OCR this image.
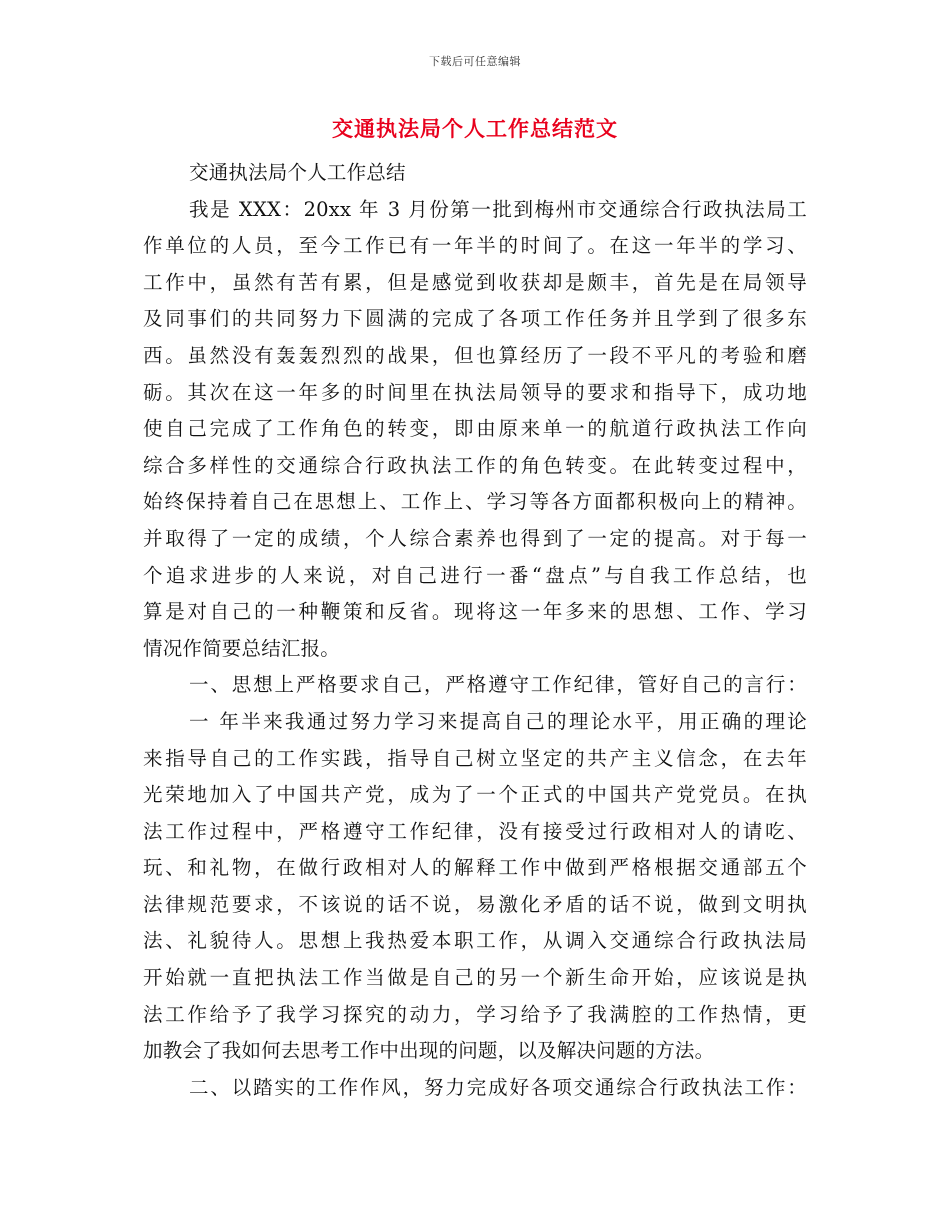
下载后可任意编辑
交通执法局个人工作总结范文
交通执法局个人工作总结
我是 XXX：20xx 年 3 月份第一批到梅州市交通综合行政执法局工
作单位的人员，至今工作已有一年半的时间了。在这一年半的学习、
工作中，虽然有苦有累，但是感觉到收获却是颇丰，首先是在局领导
及同事们的共同努力下圆满的完成了各项工作任务并且学到了很多东
西。虽然没有轰轰烈烈的战果，但也算经历了一段不平凡的考验和磨
砺。其次在这一年多的时间里在执法局领导的要求和指导下，成功地
使自己完成了工作角色的转变，即由原来单一的航道行政执法工作向
综合多样性的交通综合行政执法工作的角色转变。在此转变过程中，
始终保持着自己在思想上、工作上、学习等各方面都积极向上的精神。
并取得了一定的成绩，个人综合素养也得到了一定的提高。对于每一
个追求进步的人来说，对自己进行一番“盘点”与自我工作总结，也
算是对自己的一种鞭策和反省。现将这一年多来的思想、工作、学习
情况作简要总结汇报。
一、思想上严格要求自己，严格遵守工作纪律，管好自己的言行：
一 年半来我通过努力学习来提高自己的理论水平，用正确的理论
来指导自己的工作实践，指导自己树立坚定的共产主义信念，在去年
光荣地加入了中国共产党，成为了一个正式的中国共产党党员。在执
法工作过程中，严格遵守工作纪律，没有接受过行政相对人的请吃、
玩、和礼物，在做行政相对人的解释工作中做到严格根据交通部五个
法律规范要求，不该说的话不说，易激化矛盾的话不说，做到文明执
法、礼貌待人。思想上我热爱本职工作，从调入交通综合行政执法局
开始就一直把执法工作当做是自己的另一个新生命开始，应该说是执
法工作给予了我学习探究的动力，学习给予了我满腔的工作热情，更
加教会了我如何去思考工作中出现的问题，以及解决问题的方法。
二、以踏实的工作作风，努力完成好各项交通综合行政执法工作：
